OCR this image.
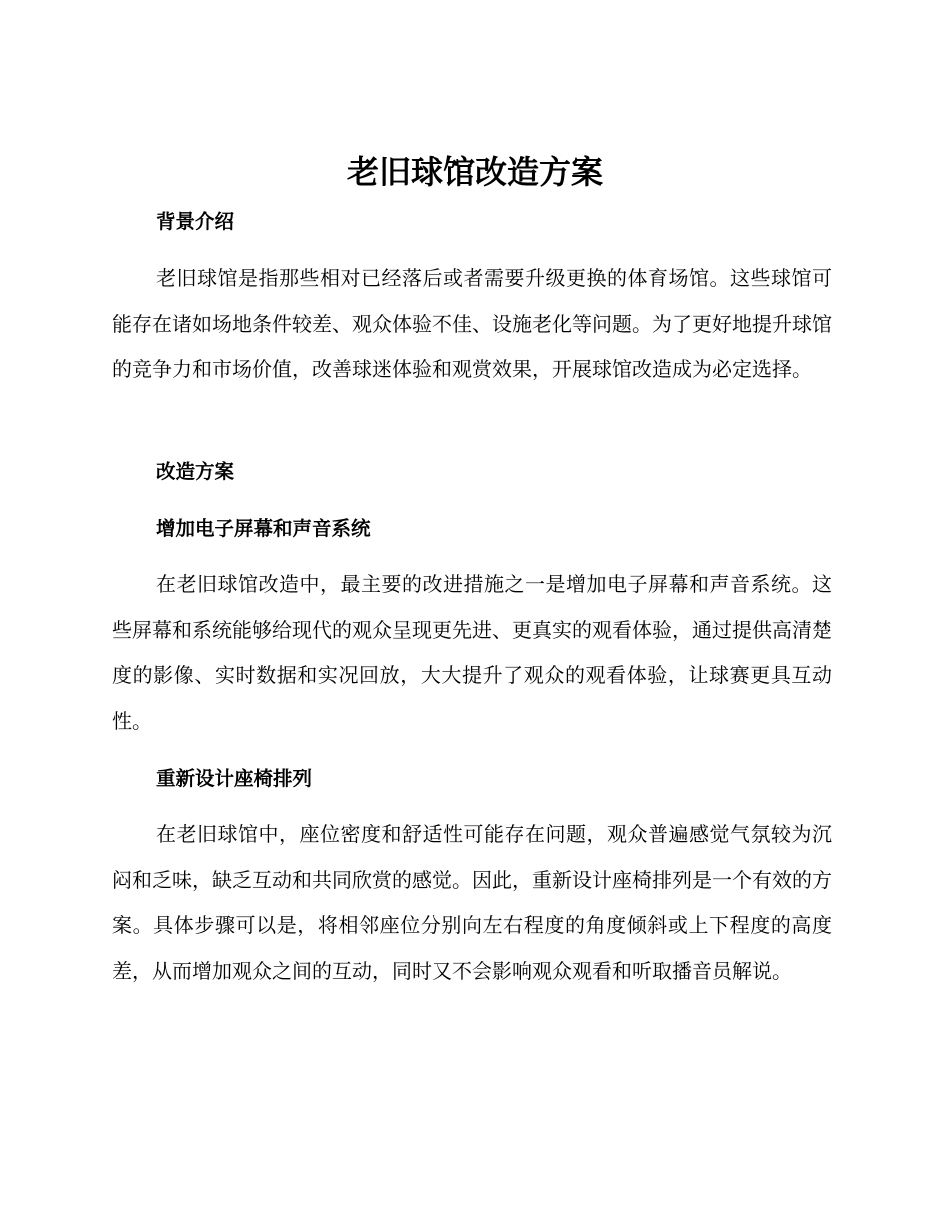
老旧球馆改造方案
背景介绍

老旧球馆是指那些相对已经落后或者需要升级更换的体育场馆。这些球馆可能存在诸如场地条件较差、观众体验不佳、设施老化等问题。为了更好地提升球馆的竞争力和市场价值，改善球迷体验和观赏效果，开展球馆改造成为必定选择。

改造方案
增加电子屏幕和声音系统

在老旧球馆改造中，最主要的改进措施之一是增加电子屏幕和声音系统。这些屏幕和系统能够给现代的观众呈现更先进、更真实的观看体验，通过提供高清楚度的影像、实时数据和实况回放，大大提升了观众的观看体验，让球赛更具互动性。

重新设计座椅排列

在老旧球馆中，座位密度和舒适性可能存在问题，观众普遍感觉气氛较为沉闷和乏味，缺乏互动和共同欣赏的感觉。因此，重新设计座椅排列是一个有效的方案。具体步骤可以是，将相邻座位分别向左右程度的角度倾斜或上下程度的高度差，从而增加观众之间的互动，同时又不会影响观众观看和听取播音员解说。
